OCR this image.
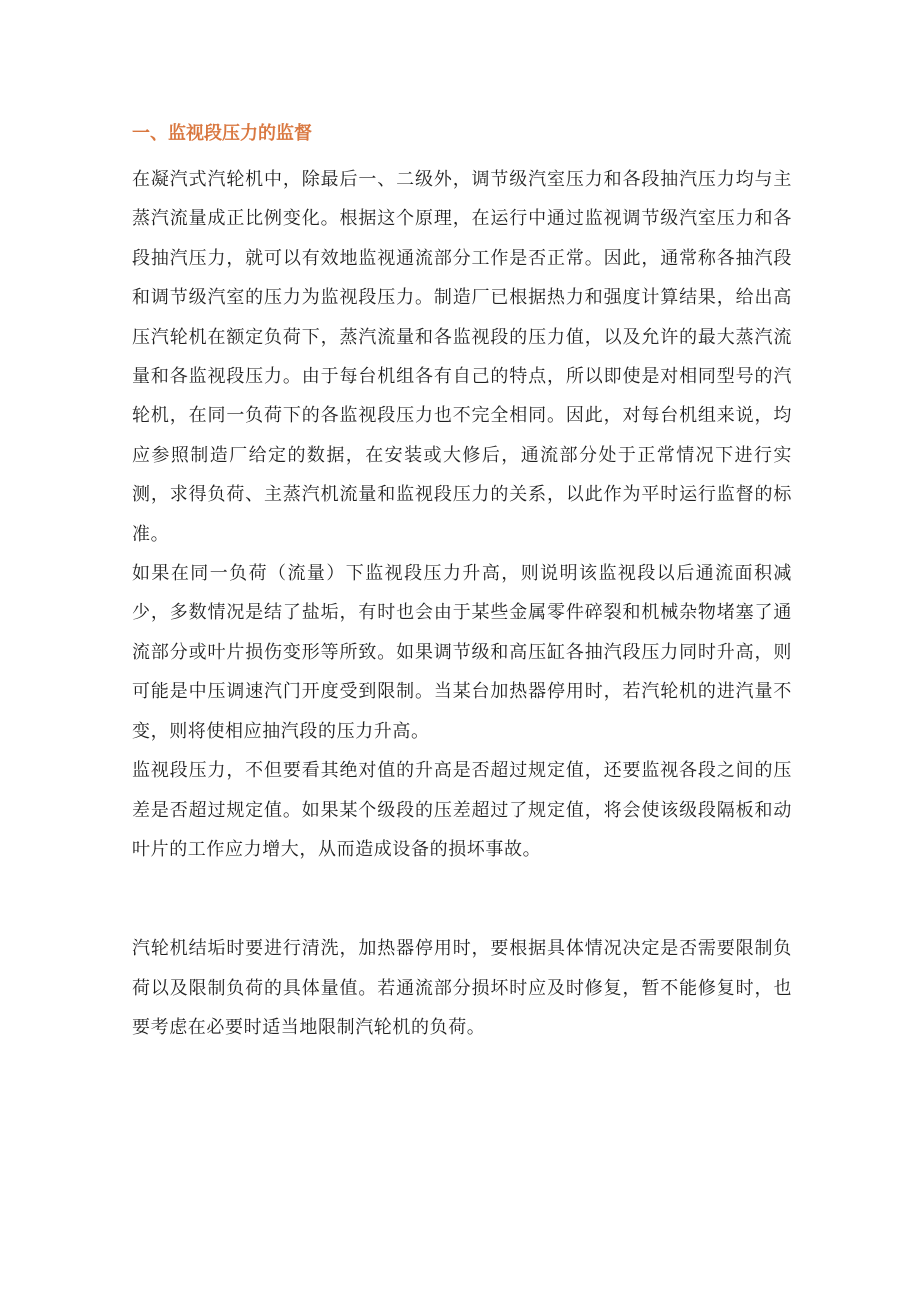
一、监视段压力的监督

在凝汽式汽轮机中，除最后一、二级外，调节级汽室压力和各段抽汽压力均与主蒸汽流量成正比例变化。根据这个原理，在运行中通过监视调节级汽室压力和各段抽汽压力，就可以有效地监视通流部分工作是否正常。因此，通常称各抽汽段和调节级汽室的压力为监视段压力。制造厂已根据热力和强度计算结果，给出高压汽轮机在额定负荷下，蒸汽流量和各监视段的压力值，以及允许的最大蒸汽流量和各监视段压力。由于每台机组各有自己的特点，所以即使是对相同型号的汽轮机，在同一负荷下的各监视段压力也不完全相同。因此，对每台机组来说，均应参照制造厂给定的数据，在安装或大修后，通流部分处于正常情况下进行实测，求得负荷、主蒸汽机流量和监视段压力的关系，以此作为平时运行监督的标准。

如果在同一负荷（流量）下监视段压力升高，则说明该监视段以后通流面积减少，多数情况是结了盐垢，有时也会由于某些金属零件碎裂和机械杂物堵塞了通流部分或叶片损伤变形等所致。如果调节级和高压缸各抽汽段压力同时升高，则可能是中压调速汽门开度受到限制。当某台加热器停用时，若汽轮机的进汽量不变，则将使相应抽汽段的压力升高。

监视段压力，不但要看其绝对值的升高是否超过规定值，还要监视各段之间的压差是否超过规定值。如果某个级段的压差超过了规定值，将会使该级段隔板和动叶片的工作应力增大，从而造成设备的损坏事故。

汽轮机结垢时要进行清洗，加热器停用时，要根据具体情况决定是否需要限制负荷以及限制负荷的具体量值。若通流部分损坏时应及时修复，暂不能修复时，也要考虑在必要时适当地限制汽轮机的负荷。
